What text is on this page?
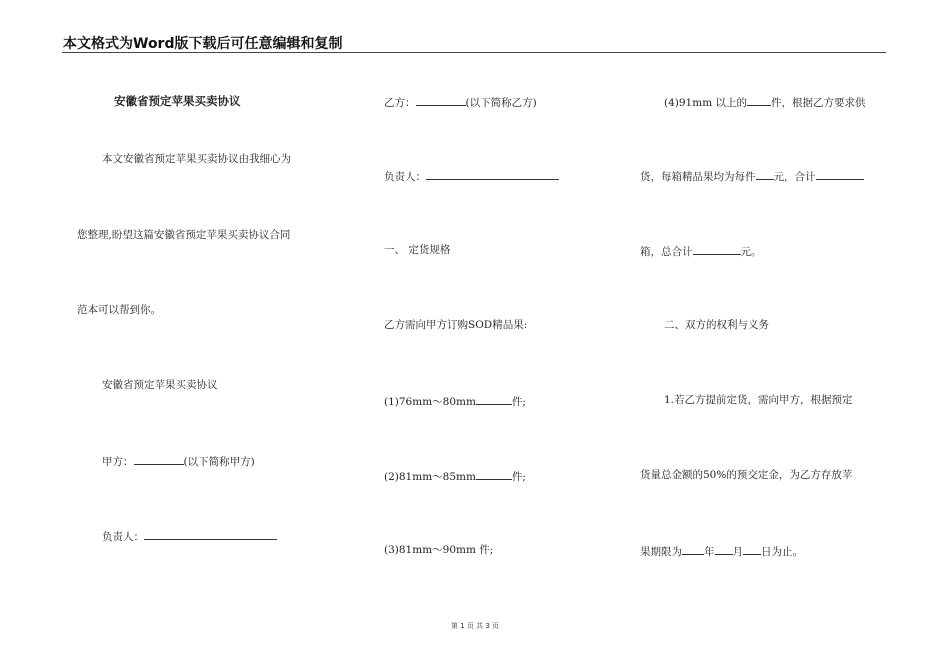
本文格式为Word版下载后可任意编辑和复制
安徽省预定苹果买卖协议
本文安徽省预定苹果买卖协议由我细心为
您整理,盼望这篇安徽省预定苹果买卖协议合同
范本可以帮到你。
安徽省预定苹果买卖协议
甲方：	(以下简称甲方)
负责人：
乙方：	(以下简称乙方)
负责人：
一、 定货规格
乙方需向甲方订购SOD精品果:
(1)76mm～80mm	件;
(2)81mm～85mm	件;
(3)81mm～90mm 件;
(4)91mm 以上的 件，根据乙方要求供
货，每箱精品果均为每件 元，合计
箱，总合计	元。
二、双方的权利与义务
1.若乙方提前定货，需向甲方，根据预定
货量总金额的50%的预交定金，为乙方存放苹
果期限为 年 月 日为止。
第 1 页 共 3 页
